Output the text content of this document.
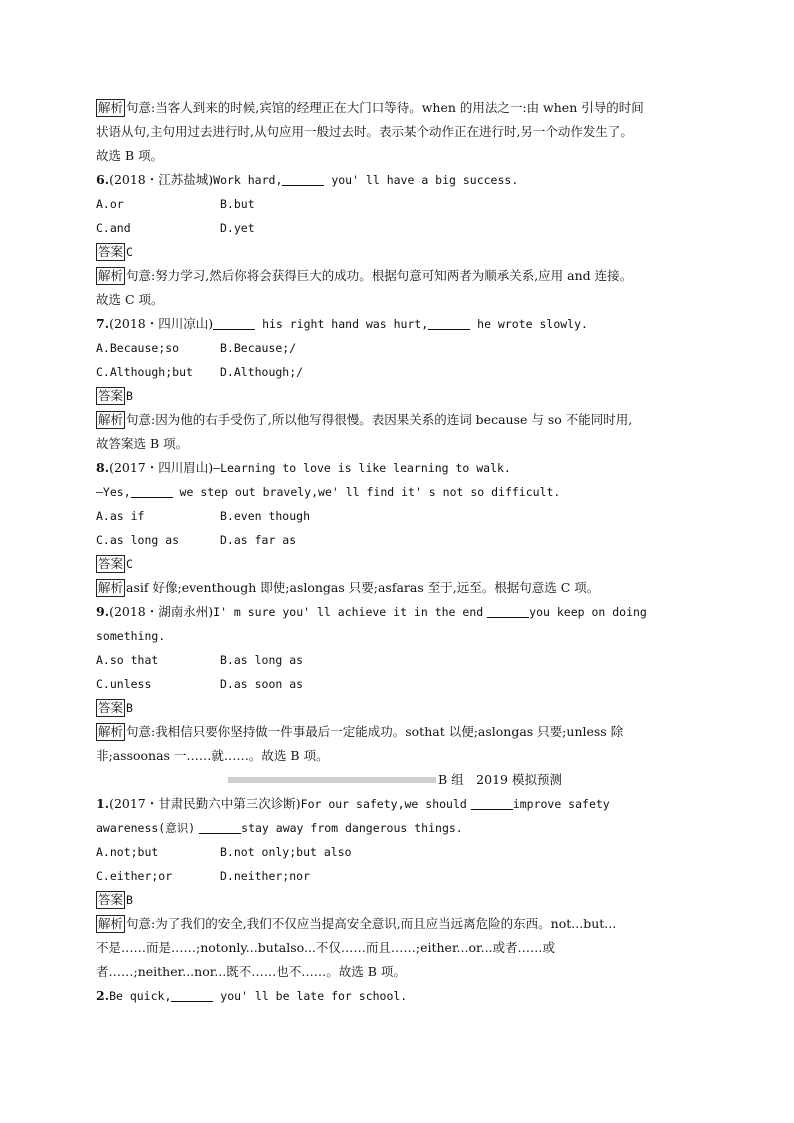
解析 句意:当客人到来的时候,宾馆的经理正在大门口等待。when 的用法之一:由 when 引导的时间
状语从句,主句用过去进行时,从句应用一般过去时。表示某个动作正在进行时,另一个动作发生了。
故选 B 项。
6.(2018・江苏盐城)Work hard,	you' ll have a big success.
A.or	B.but
C.and	D.yet
答案 C
解析 句意:努力学习,然后你将会获得巨大的成功。根据句意可知两者为顺承关系,应用 and 连接。
故选 C 项。
7.(2018・四川凉山)	his right hand was hurt,	he wrote slowly.
A.Because;so	B.Because;/
C.Although;but	D.Although;/
答案 B
解析 句意:因为他的右手受伤了,所以他写得很慢。表因果关系的连词 because 与 so 不能同时用,
故答案选 B 项。
8.(2017・四川眉山)—Learning to love is like learning to walk.
—Yes,	we step out bravely,we' ll find it' s not so difficult.
A.as if	B.even though
C.as long as	D.as far as
答案 C
解析 asif 好像;eventhough 即使;aslongas 只要;asfaras 至于,远至。根据句意选 C 项。
9.(2018・湖南永州)I' m sure you' ll achieve it in the end	you keep on doing
something.
A.so that	B.as long as
C.unless	D.as soon as
答案 B
解析 句意:我相信只要你坚持做一件事最后一定能成功。sothat 以便;aslongas 只要;unless 除
非;assoonas 一……就……。故选 B 项。
B 组　2019 模拟预测
1.(2017・甘肃民勤六中第三次诊断)For our safety,we should	improve safety
awareness(意识)	stay away from dangerous things.
A.not;but	B.not only;but also
C.either;or	D.neither;nor
答案 B
解析 句意:为了我们的安全,我们不仅应当提高安全意识,而且应当远离危险的东西。not...but...
不是……而是……;notonly...butalso...不仅……而且……;either...or...或者……或
者……;neither...nor...既不……也不……。故选 B 项。
2.Be quick,	you' ll be late for school.
